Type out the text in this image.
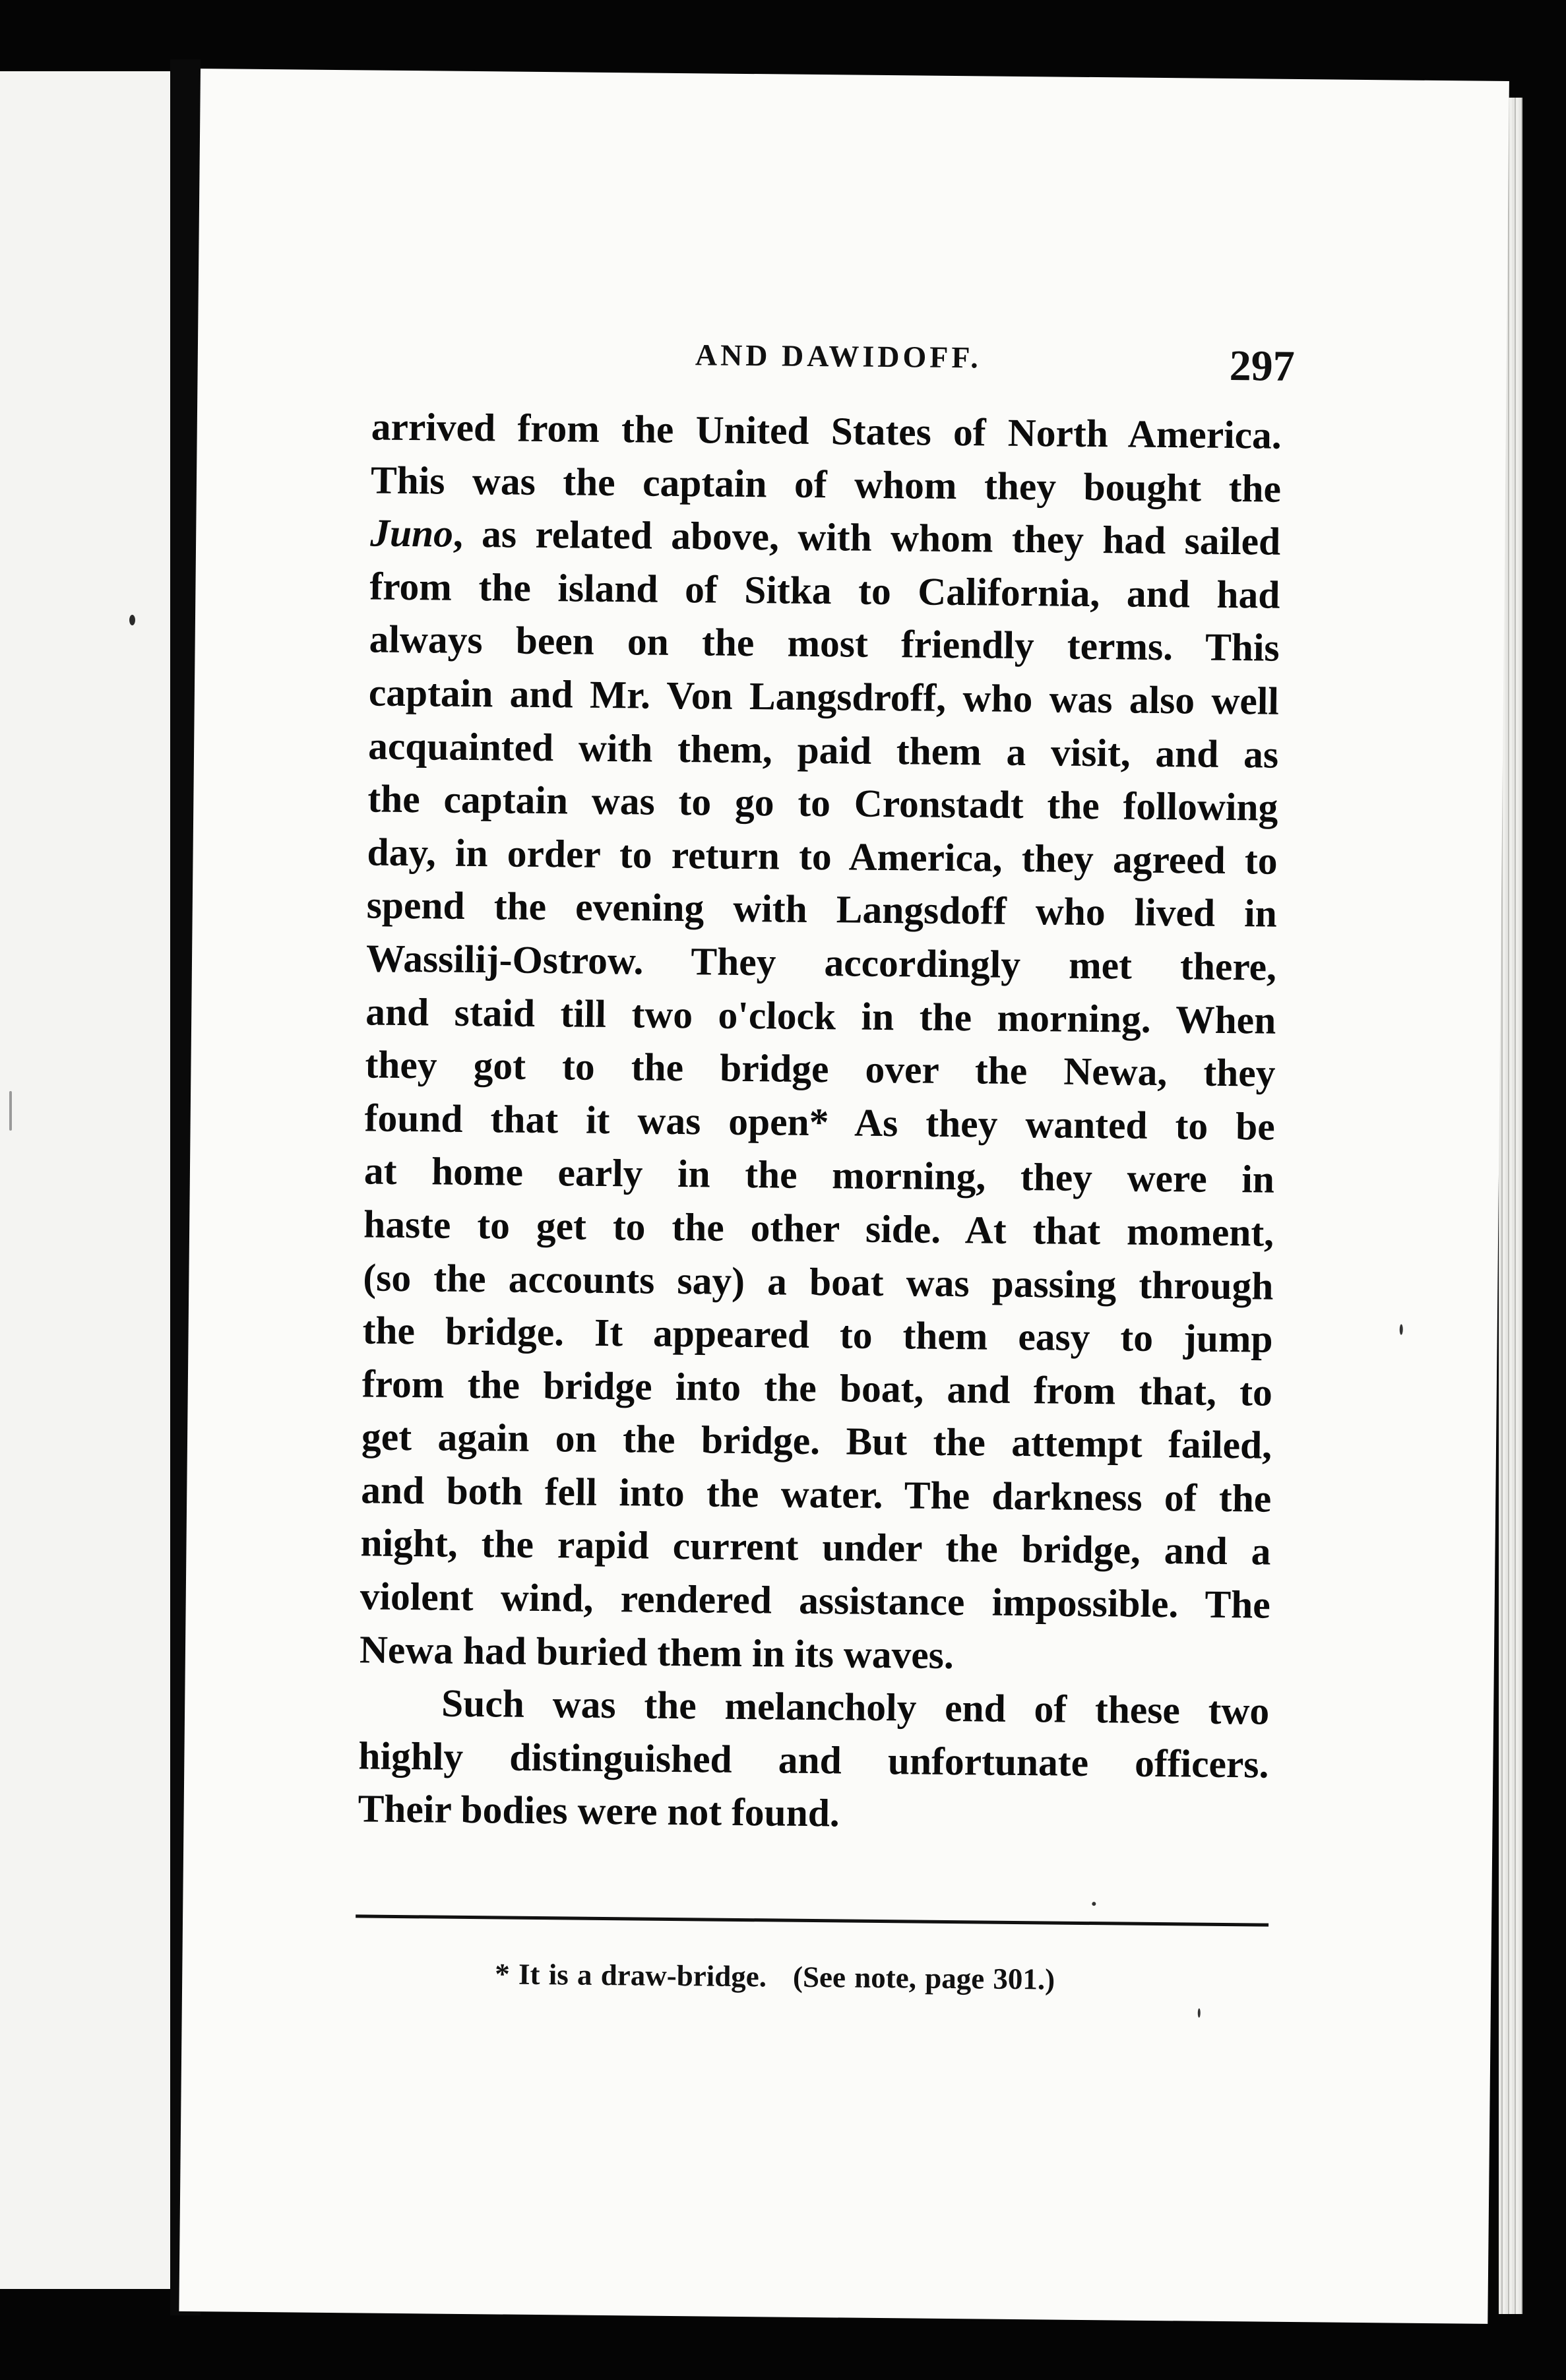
AND DAWIDOFF.	297
arrived from the United States of North America.
This was the captain of whom they bought the
Juno, as related above, with whom they had sailed
from the island of Sitka to California, and had
always been on the most friendly terms. This
captain and Mr. Von Langsdroff, who was also well
acquainted with them, paid them a visit, and as
the captain was to go to Cronstadt the following
day, in order to return to America, they agreed to
spend the evening with Langsdoff who lived in
Wassilij-Ostrow. They accordingly met there,
and staid till two o'clock in the morning. When
they got to the bridge over the Newa, they
found that it was open* As they wanted to be
at home early in the morning, they were in
haste to get to the other side. At that moment,
(so the accounts say) a boat was passing through
the bridge. It appeared to them easy to jump
from the bridge into the boat, and from that, to
get again on the bridge. But the attempt failed,
and both fell into the water. The darkness of the
night, the rapid current under the bridge, and a
violent wind, rendered assistance impossible. The
Newa had buried them in its waves.
Such was the melancholy end of these two
highly distinguished and unfortunate officers.
Their bodies were not found.
* It is a draw-bridge. (See note, page 301.)
